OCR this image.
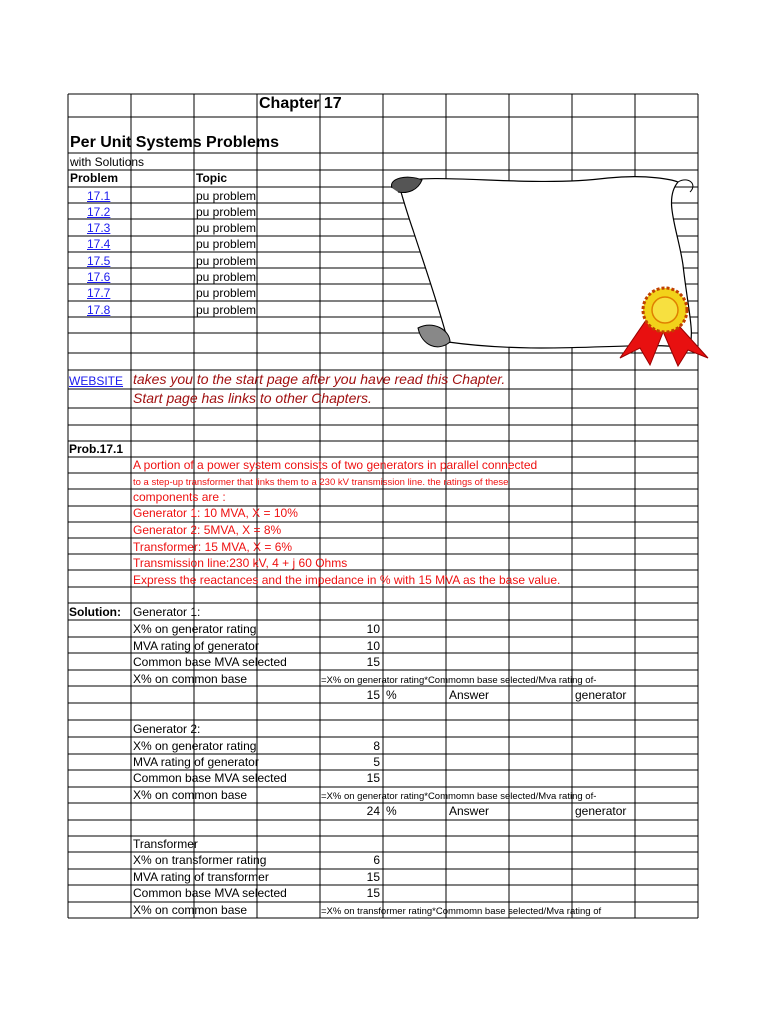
Chapter 17
Per Unit Systems Problems
with Solutions
Problem	Topic
17.1	pu problem
17.2	pu problem
17.3	pu problem
17.4	pu problem
17.5	pu problem
17.6	pu problem
17.7	pu problem
17.8	pu problem
WEBSITE takes you to the start page after you have read this Chapter.
Start page has links to other Chapters.
Prob.17.1
A portion of a power system consists of two generators in parallel connected
to a step-up transformer that links them to a 230 kV transmission line. the ratings of these
components are :
Generator 1: 10 MVA, X = 10%
Generator 2: 5MVA, X = 8%
Transformer: 15 MVA, X = 6%
Transmission line:230 kV, 4 + j 60 Ohms
Express the reactances and the impedance in % with 15 MVA as the base value.
Solution: Generator 1:
X% on generator rating	10
MVA rating of generator	10
Common base MVA selected	15
X% on common base	=X% on generator rating*Commomn base selected/Mva rating of-
15 %	Answer	generator
Generator 2:
X% on generator rating	8
MVA rating of generator	5
Common base MVA selected	15
X% on common base	=X% on generator rating*Commomn base selected/Mva rating of-
24 %	Answer	generator
Transformer
X% on transformer rating	6
MVA rating of transformer	15
Common base MVA selected	15
X% on common base	=X% on transformer rating*Commomn base selected/Mva rating of
